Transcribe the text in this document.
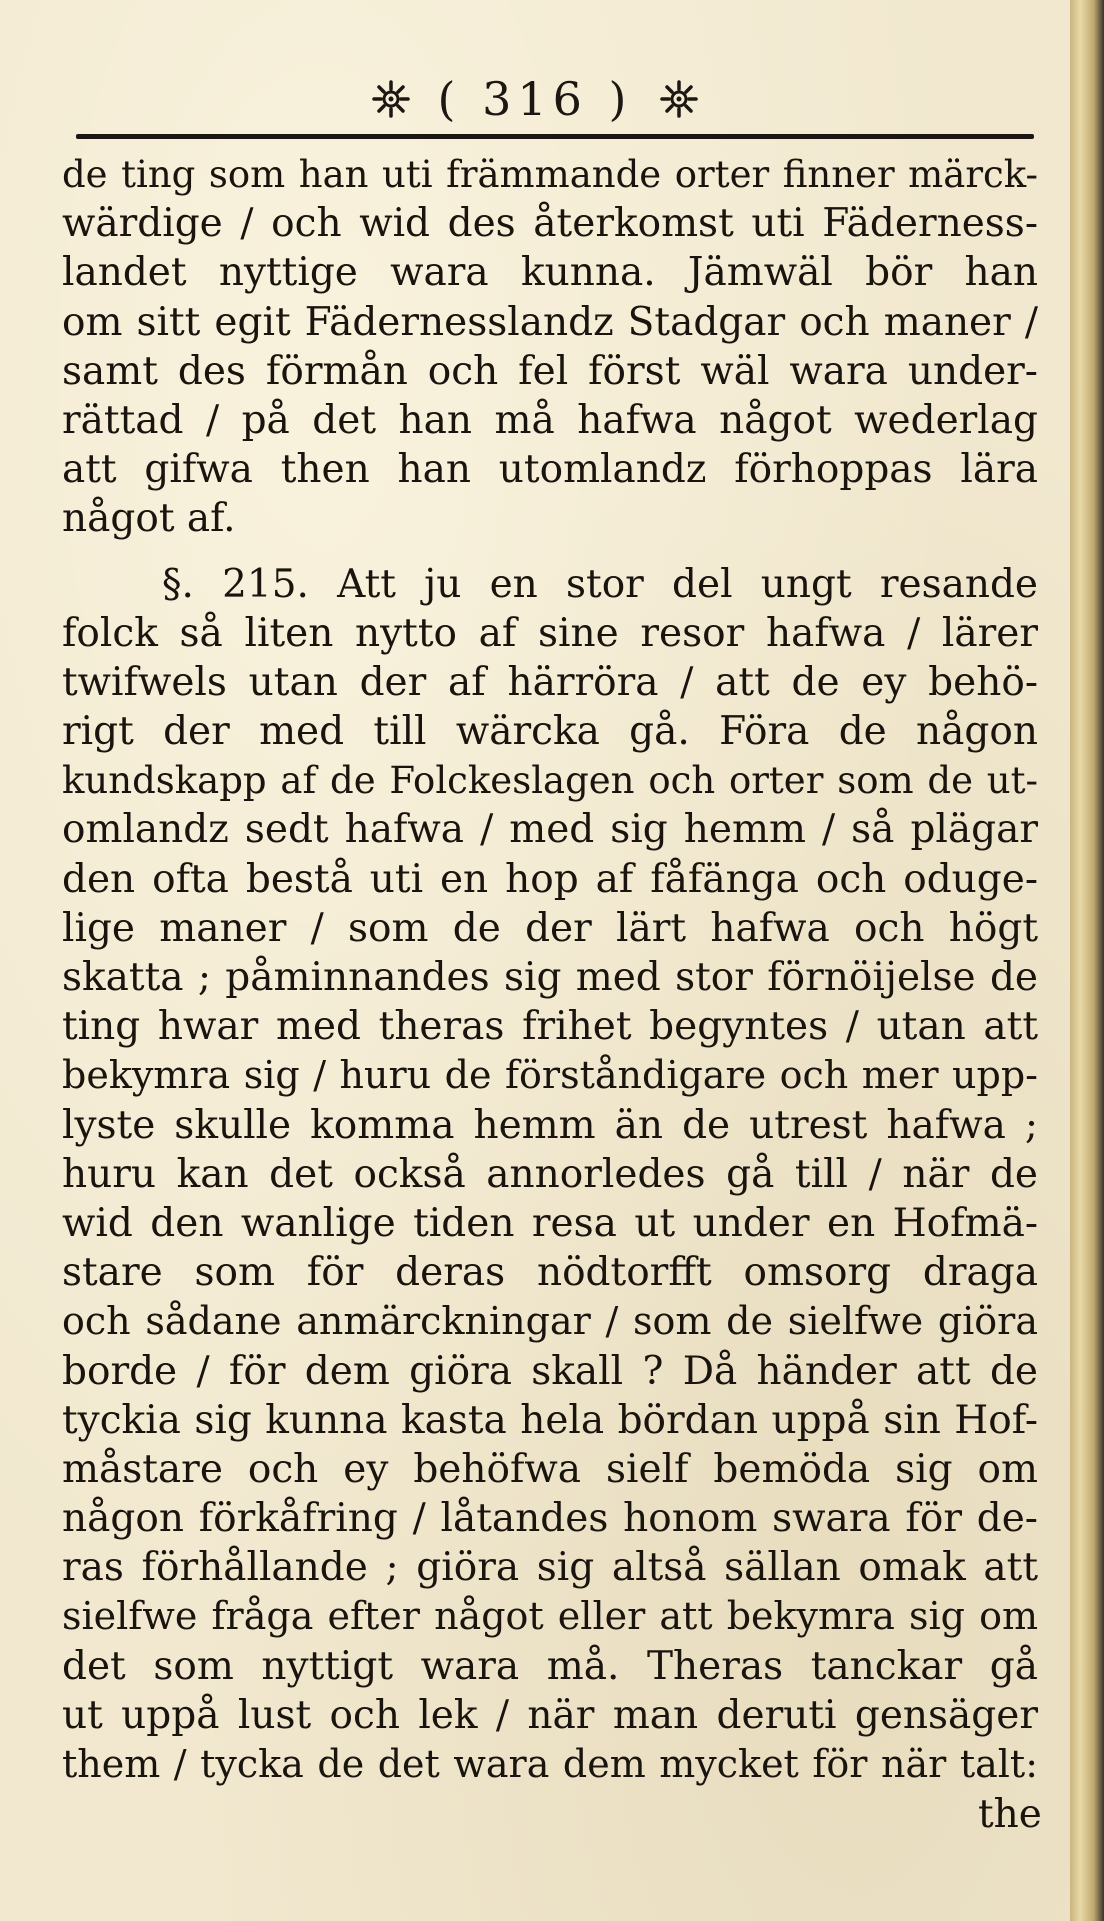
( 316 )
de ting som han uti främmande orter finner märck-
wärdige / och wid des återkomst uti Fäderness-
landet nyttige wara kunna. Jämwäl bör han
om sitt egit Fädernesslandz Stadgar och maner /
samt des förmån och fel först wäl wara under-
rättad / på det han må hafwa något wederlag
att gifwa then han utomlandz förhoppas lära
något af.
§. 215. Att ju en stor del ungt resande
folck så liten nytto af sine resor hafwa / lärer
twifwels utan der af härröra / att de ey behö-
rigt der med till wärcka gå. Föra de någon
kundskapp af de Folckeslagen och orter som de ut-
omlandz sedt hafwa / med sig hemm / så plägar
den ofta bestå uti en hop af fåfänga och oduge-
lige maner / som de der lärt hafwa och högt
skatta ; påminnandes sig med stor förnöijelse de
ting hwar med theras frihet begyntes / utan att
bekymra sig / huru de förståndigare och mer upp-
lyste skulle komma hemm än de utrest hafwa ;
huru kan det också annorledes gå till / när de
wid den wanlige tiden resa ut under en Hofmä-
stare som för deras nödtorfft omsorg draga
och sådane anmärckningar / som de sielfwe giöra
borde / för dem giöra skall ? Då händer att de
tyckia sig kunna kasta hela bördan uppå sin Hof-
måstare och ey behöfwa sielf bemöda sig om
någon förkåfring / låtandes honom swara för de-
ras förhållande ; giöra sig altså sällan omak att
sielfwe fråga efter något eller att bekymra sig om
det som nyttigt wara må. Theras tanckar gå
ut uppå lust och lek / när man deruti gensäger
them / tycka de det wara dem mycket för när talt:
the
